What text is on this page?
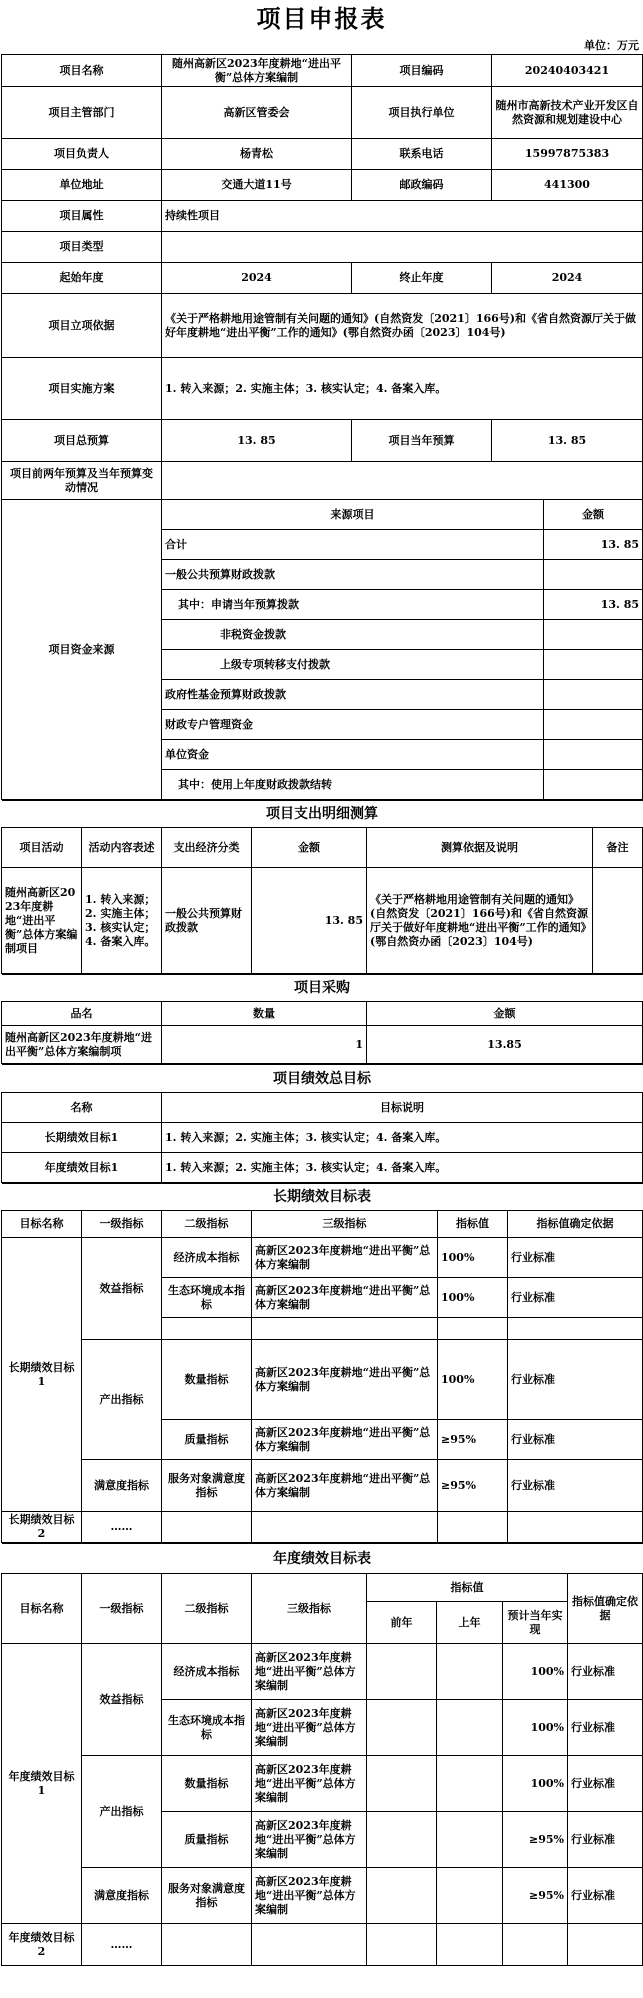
项目申报表
单位：万元
项目名称	随州高新区2023年度耕地“进出平衡”总体方案编制	项目编码	20240403421	
项目主管部门	高新区管委会	项目执行单位	随州市高新技术产业开发区自然资源和规划建设中心	
项目负责人	杨青松	联系电话	15997875383	
单位地址	交通大道11号	邮政编码	441300	
项目属性	持续性项目			
项目类型				
起始年度	2024	终止年度	2024	
项目立项依据	《关于严格耕地用途管制有关问题的通知》(自然资发〔2021〕166号)和《省自然资源厅关于做好年度耕地“进出平衡”工作的通知》(鄂自然资办函〔2023〕104号)			
项目实施方案	1. 转入来源；2. 实施主体；3. 核实认定；4. 备案入库。			
项目总预算	13. 85	项目当年预算	13. 85	
项目前两年预算及当年预算变动情况				
项目资金来源	来源项目			金额
	合计			13. 85
	一般公共预算财政拨款			
	其中：申请当年预算拨款			13. 85
	非税资金拨款			
	上级专项转移支付拨款			
	政府性基金预算财政拨款			
	财政专户管理资金			
	单位资金			
	其中：使用上年度财政拨款结转			
项目支出明细测算					
项目活动	活动内容表述	支出经济分类	金额	测算依据及说明	备注
随州高新区2023年度耕地“进出平衡”总体方案编制项目	1. 转入来源；2. 实施主体；3. 核实认定；4. 备案入库。	一般公共预算财政拨款	13. 85	《关于严格耕地用途管制有关问题的通知》(自然资发〔2021〕166号)和《省自然资源厅关于做好年度耕地“进出平衡”工作的通知》(鄂自然资办函〔2023〕104号)	
项目采购		
品名	数量	金额
随州高新区2023年度耕地“进出平衡”总体方案编制项	1	13.85
项目绩效总目标	
名称	目标说明
长期绩效目标1	1. 转入来源；2. 实施主体；3. 核实认定；4. 备案入库。
年度绩效目标1	1. 转入来源；2. 实施主体；3. 核实认定；4. 备案入库。
长期绩效目标表					
目标名称	一级指标	二级指标	三级指标	指标值	指标值确定依据
长期绩效目标1	效益指标	经济成本指标	高新区2023年度耕地“进出平衡”总体方案编制	100%	行业标准
		生态环境成本指标	高新区2023年度耕地“进出平衡”总体方案编制	100%	行业标准

	产出指标	数量指标	高新区2023年度耕地“进出平衡”总体方案编制	100%	行业标准
		质量指标	高新区2023年度耕地“进出平衡”总体方案编制	≥95%	行业标准
	满意度指标	服务对象满意度指标	高新区2023年度耕地“进出平衡”总体方案编制	≥95%	行业标准
长期绩效目标2	……				
年度绩效目标表							
目标名称	一级指标	二级指标	三级指标	指标值			指标值确定依据
				前年	上年	预计当年实现	
年度绩效目标1	效益指标	经济成本指标	高新区2023年度耕地“进出平衡”总体方案编制			100%	行业标准
		生态环境成本指标	高新区2023年度耕地“进出平衡”总体方案编制			100%	行业标准
	产出指标	数量指标	高新区2023年度耕地“进出平衡”总体方案编制			100%	行业标准
		质量指标	高新区2023年度耕地“进出平衡”总体方案编制			≥95%	行业标准
	满意度指标	服务对象满意度指标	高新区2023年度耕地“进出平衡”总体方案编制			≥95%	行业标准
年度绩效目标2	……						
